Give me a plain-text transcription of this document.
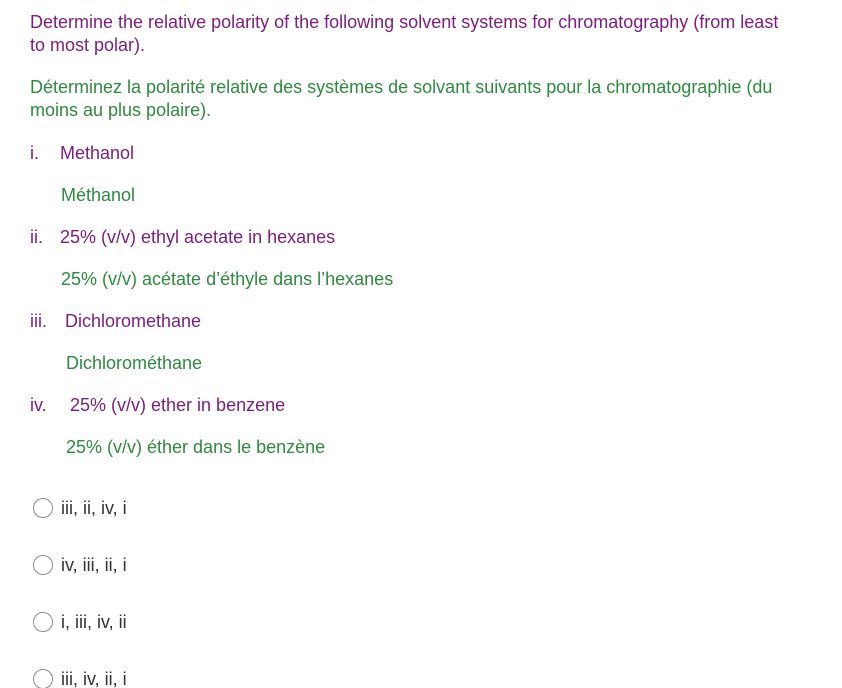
Determine the relative polarity of the following solvent systems for chromatography (from least to most polar).

Déterminez la polarité relative des systèmes de solvant suivants pour la chromatographie (du moins au plus polaire).

i. Methanol
Méthanol
ii. 25% (v/v) ethyl acetate in hexanes
25% (v/v) acétate d’éthyle dans l’hexanes
iii. Dichloromethane
Dichlorométhane
iv. 25% (v/v) ether in benzene
25% (v/v) éther dans le benzène
iii, ii, iv, i
iv, iii, ii, i
i, iii, iv, ii
iii, iv, ii, i
